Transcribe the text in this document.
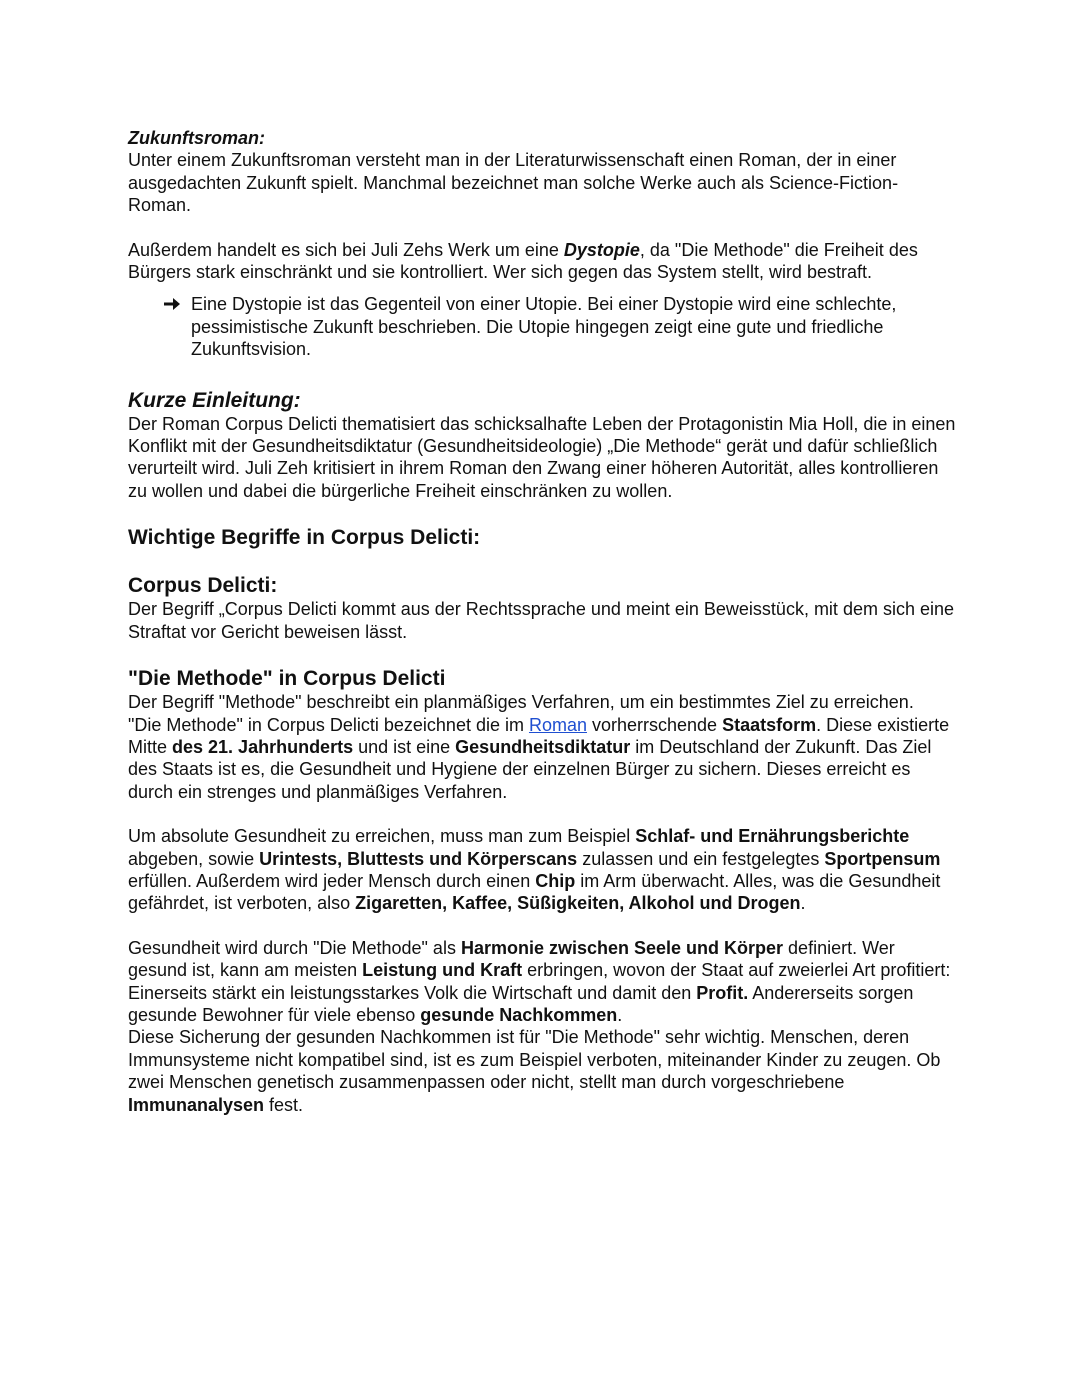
Zukunftsroman:

Unter einem Zukunftsroman versteht man in der Literaturwissenschaft einen Roman, der in einer ausgedachten Zukunft spielt. Manchmal bezeichnet man solche Werke auch als Science-Fiction-Roman.

Außerdem handelt es sich bei Juli Zehs Werk um eine Dystopie, da "Die Methode" die Freiheit des Bürgers stark einschränkt und sie kontrolliert. Wer sich gegen das System stellt, wird bestraft.

Eine Dystopie ist das Gegenteil von einer Utopie. Bei einer Dystopie wird eine schlechte, pessimistische Zukunft beschrieben. Die Utopie hingegen zeigt eine gute und friedliche Zukunftsvision.

Kurze Einleitung:

Der Roman Corpus Delicti thematisiert das schicksalhafte Leben der Protagonistin Mia Holl, die in einen Konflikt mit der Gesundheitsdiktatur (Gesundheitsideologie) „Die Methode“ gerät und dafür schließlich verurteilt wird. Juli Zeh kritisiert in ihrem Roman den Zwang einer höheren Autorität, alles kontrollieren zu wollen und dabei die bürgerliche Freiheit einschränken zu wollen.

Wichtige Begriffe in Corpus Delicti:

Corpus Delicti:

Der Begriff „Corpus Delicti kommt aus der Rechtssprache und meint ein Beweisstück, mit dem sich eine Straftat vor Gericht beweisen lässt.

"Die Methode" in Corpus Delicti

Der Begriff "Methode" beschreibt ein planmäßiges Verfahren, um ein bestimmtes Ziel zu erreichen.

"Die Methode" in Corpus Delicti bezeichnet die im Roman vorherrschende Staatsform. Diese existierte Mitte des 21. Jahrhunderts und ist eine Gesundheitsdiktatur im Deutschland der Zukunft. Das Ziel des Staats ist es, die Gesundheit und Hygiene der einzelnen Bürger zu sichern. Dieses erreicht es durch ein strenges und planmäßiges Verfahren.

Um absolute Gesundheit zu erreichen, muss man zum Beispiel Schlaf- und Ernährungsberichte abgeben, sowie Urintests, Bluttests und Körperscans zulassen und ein festgelegtes Sportpensum erfüllen. Außerdem wird jeder Mensch durch einen Chip im Arm überwacht. Alles, was die Gesundheit gefährdet, ist verboten, also Zigaretten, Kaffee, Süßigkeiten, Alkohol und Drogen.

Gesundheit wird durch "Die Methode" als Harmonie zwischen Seele und Körper definiert. Wer gesund ist, kann am meisten Leistung und Kraft erbringen, wovon der Staat auf zweierlei Art profitiert: Einerseits stärkt ein leistungsstarkes Volk die Wirtschaft und damit den Profit. Andererseits sorgen gesunde Bewohner für viele ebenso gesunde Nachkommen.

Diese Sicherung der gesunden Nachkommen ist für "Die Methode" sehr wichtig. Menschen, deren Immunsysteme nicht kompatibel sind, ist es zum Beispiel verboten, miteinander Kinder zu zeugen. Ob zwei Menschen genetisch zusammenpassen oder nicht, stellt man durch vorgeschriebene Immunanalysen fest.
